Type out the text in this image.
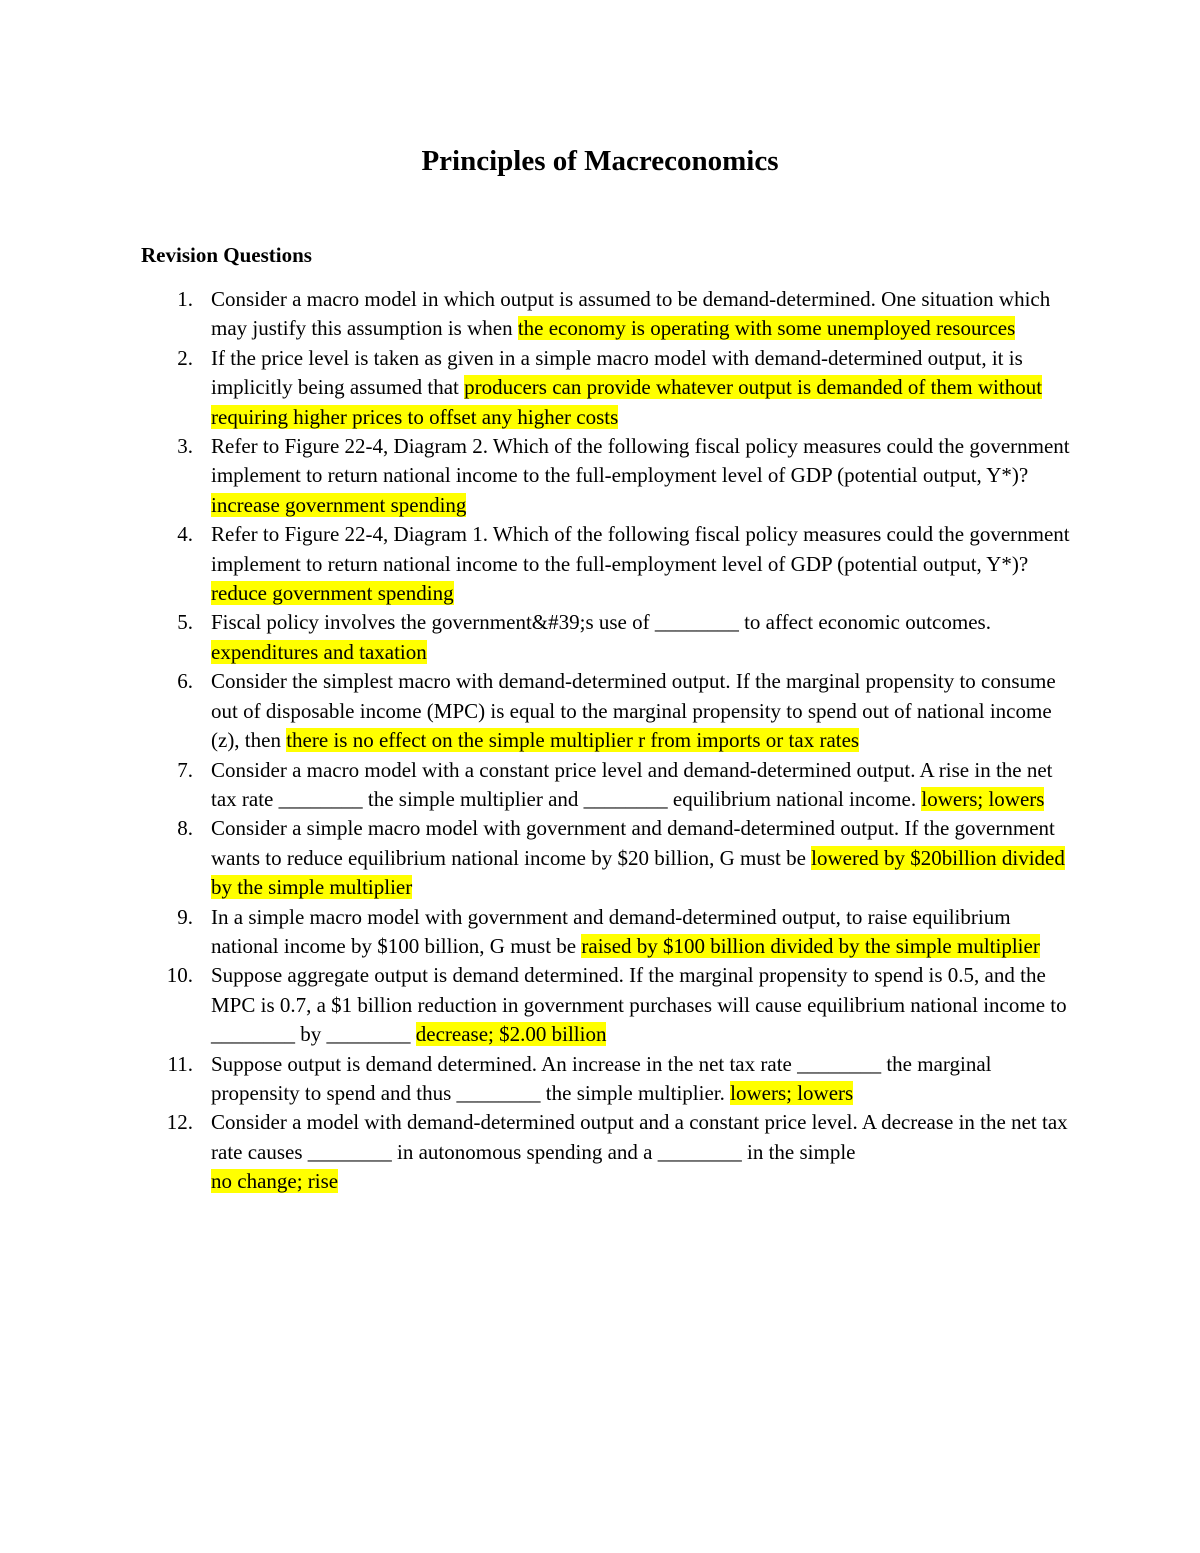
Principles of Macreconomics
Revision Questions
1. Consider a macro model in which output is assumed to be demand-determined. One situation which may justify this assumption is when the economy is operating with some unemployed resources
2. If the price level is taken as given in a simple macro model with demand-determined output, it is implicitly being assumed that producers can provide whatever output is demanded of them without requiring higher prices to offset any higher costs
3. Refer to Figure 22-4, Diagram 2. Which of the following fiscal policy measures could the government implement to return national income to the full-employment level of GDP (potential output, Y*)? increase government spending
4. Refer to Figure 22-4, Diagram 1. Which of the following fiscal policy measures could the government implement to return national income to the full-employment level of GDP (potential output, Y*)? reduce government spending
5. Fiscal policy involves the government&#39;s use of ________ to affect economic outcomes. expenditures and taxation
6. Consider the simplest macro with demand-determined output. If the marginal propensity to consume out of disposable income (MPC) is equal to the marginal propensity to spend out of national income (z), then there is no effect on the simple multiplier r from imports or tax rates
7. Consider a macro model with a constant price level and demand-determined output. A rise in the net tax rate ________ the simple multiplier and ________ equilibrium national income. lowers; lowers
8. Consider a simple macro model with government and demand-determined output. If the government wants to reduce equilibrium national income by $20 billion, G must be lowered by $20billion divided by the simple multiplier
9. In a simple macro model with government and demand-determined output, to raise equilibrium national income by $100 billion, G must be raised by $100 billion divided by the simple multiplier
10. Suppose aggregate output is demand determined. If the marginal propensity to spend is 0.5, and the MPC is 0.7, a $1 billion reduction in government purchases will cause equilibrium national income to ________ by ________ decrease; $2.00 billion
11. Suppose output is demand determined. An increase in the net tax rate ________ the marginal propensity to spend and thus ________ the simple multiplier. lowers; lowers
12. Consider a model with demand-determined output and a constant price level. A decrease in the net tax rate causes ________ in autonomous spending and a ________ in the simple
no change; rise
